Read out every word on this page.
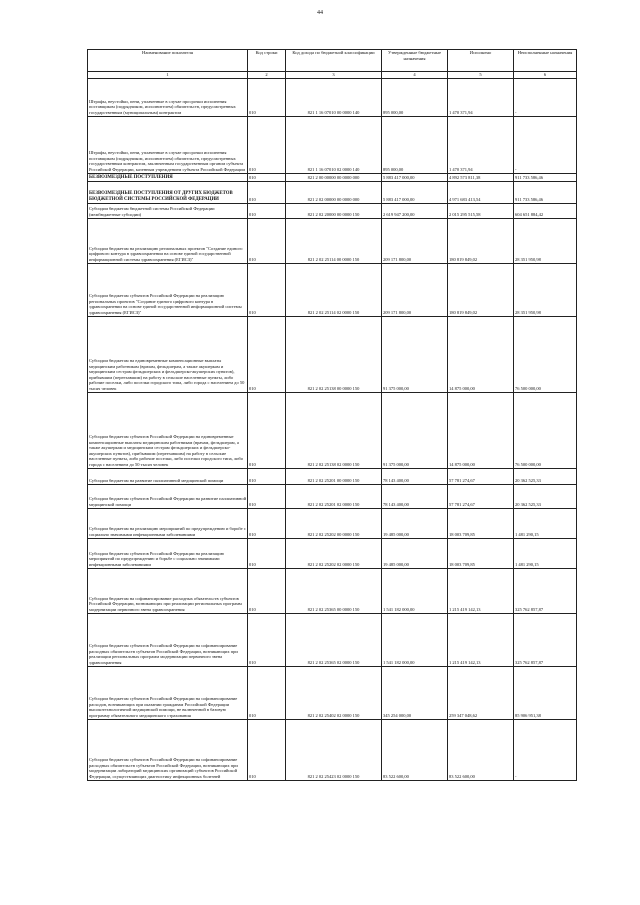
44
Наименование показателя	Код строки	Код дохода по бюджетной классификации	Утвержденные бюджетные назначения	Исполнено	Неисполненные назначения
1	2	3	4	5	6
Штрафы, неустойки, пени, уплаченные в случае просрочки исполнения поставщиком (подрядчиком, исполнителем) обязательств, предусмотренных государственным (муниципальным) контрактом	010	821 1 16 07010 00 0000 140	895 000,00	1 470 371,94	-
Штрафы, неустойки, пени, уплаченные в случае просрочки исполнения поставщиком (подрядчиком, исполнителем) обязательств, предусмотренных государственным контрактом, заключенным государственным органом субъекта Российской Федерации, казенным учреждением субъекта Российской Федерации	010	821 1 16 07010 02 0000 140	895 000,00	1 470 371,94	-
БЕЗВОЗМЕЗДНЫЕ ПОСТУПЛЕНИЯ	010	821 2 00 00000 00 0000 000	5 883 417 000,00	4 892 573 811,38	911 733 586,46
БЕЗВОЗМЕЗДНЫЕ ПОСТУПЛЕНИЯ ОТ ДРУГИХ БЮДЖЕТОВ БЮДЖЕТНОЙ СИСТЕМЫ РОССИЙСКОЙ ФЕДЕРАЦИИ	010	821 2 02 00000 00 0000 000	5 883 417 000,00	4 971 683 413,54	911 733 586,46
Субсидии бюджетам бюджетной системы Российской Федерации (межбюджетные субсидии)	010	821 2 02 20000 00 0000 150	2 619 947 200,00	2 015 295 515,58	604 651 884,42
Субсидии бюджетам на реализацию региональных проектов "Создание единого цифрового контура в здравоохранении на основе единой государственной информационной системы здравоохранения (ЕГИСЗ)"	010	821 2 02 25114 00 0000 150	209 171 800,00	180 819 849,02	28 351 950,98
Субсидии бюджетам субъектов Российской Федерации на реализацию региональных проектов "Создание единого цифрового контура в здравоохранении на основе единой государственной информационной системы здравоохранения (ЕГИСЗ)"	010	821 2 02 25114 02 0000 150	209 171 800,00	180 819 849,02	28 351 950,98
Субсидии бюджетам на единовременные компенсационные выплаты медицинским работникам (врачам, фельдшерам, а также акушеркам и медицинским сестрам фельдшерских и фельдшерско-акушерских пунктов), прибывшим (переехавшим) на работу в сельские населенные пункты, либо рабочие поселки, либо поселки городского типа, либо города с населением до 50 тысяч человек	010	821 2 02 25138 00 0000 150	91 375 000,00	14 875 000,00	76 500 000,00
Субсидии бюджетам субъектов Российской Федерации на единовременные компенсационные выплаты медицинским работникам (врачам, фельдшерам, а также акушеркам и медицинским сестрам фельдшерских и фельдшерско-акушерских пунктов), прибывшим (переехавшим) на работу в сельские населенные пункты, либо рабочие поселки, либо поселки городского типа, либо города с населением до 50 тысяч человек	010	821 2 02 25138 02 0000 150	91 375 000,00	14 875 000,00	76 500 000,00
Субсидии бюджетам на развитие паллиативной медицинской помощи	010	821 2 02 25201 00 0000 150	78 143 400,00	57 781 274,67	20 362 525,33
Субсидии бюджетам субъектов Российской Федерации на развитие паллиативной медицинской помощи	010	821 2 02 25201 02 0000 150	78 143 400,00	57 781 274,67	20 362 525,33
Субсидии бюджетам на реализацию мероприятий по предупреждению и борьбе с социально значимыми инфекционными заболеваниями	010	821 2 02 25202 00 0000 150	19 485 000,00	18 003 709,85	1 481 290,15
Субсидии бюджетам субъектов Российской Федерации на реализацию мероприятий по предупреждению и борьбе с социально значимыми инфекционными заболеваниями	010	821 2 02 25202 02 0000 150	19 485 000,00	18 003 709,85	1 481 290,15
Субсидии бюджетам на софинансирование расходных обязательств субъектов Российской Федерации, возникающих при реализации региональных программ модернизации первичного звена здравоохранения	010	821 2 02 25365 00 0000 150	1 541 182 000,00	1 215 419 142,13	325 762 857,87
Субсидии бюджетам субъектов Российской Федерации на софинансирование расходных обязательств субъектов Российской Федерации, возникающих при реализации региональных программ модернизации первичного звена здравоохранения	010	821 2 02 25365 02 0000 150	1 541 182 000,00	1 215 419 142,13	325 762 857,87
Субсидии бюджетам субъектов Российской Федерации на софинансирование расходов, возникающих при оказании гражданам Российской Федерации высокотехнологичной медицинской помощи, не включенной в базовую программу обязательного медицинского страхования	010	821 2 02 25402 02 0000 150	345 254 000,00	259 347 048,62	85 906 951,38
Субсидии бюджетам субъектов Российской Федерации на софинансирование расходных обязательств субъектов Российской Федерации, возникающих при модернизации лабораторий медицинских организаций субъектов Российской Федерации, осуществляющих диагностику инфекционных болезней	010	821 2 02 25423 02 0000 150	83 522 600,00	83 522 600,00	-
